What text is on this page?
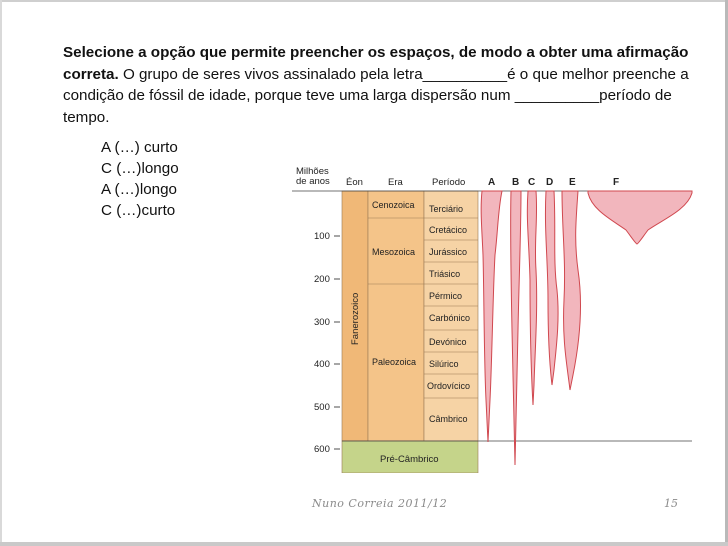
Selecione a opção que permite preencher os espaços, de modo a obter uma afirmação correta. O grupo de seres vivos assinalado pela letra__________é o que melhor preenche a condição de fóssil de idade, porque teve uma larga dispersão num __________período de tempo.
A (…) curto
C (…)longo
A (…)longo
C (…)curto
Milhões de anos Éon	Era	Período A B C D E	F
Fanerozoico
Cenozoica
Mesozoica
Paleozoica
Terciário
Cretácico
Jurássico
Triásico
Pérmico
Carbónico
Devónico
Silúrico
Ordovícico
Câmbrico
Pré-Câmbrico
100
200
300
400
500
600
Nuno Correia 2011/12	15
